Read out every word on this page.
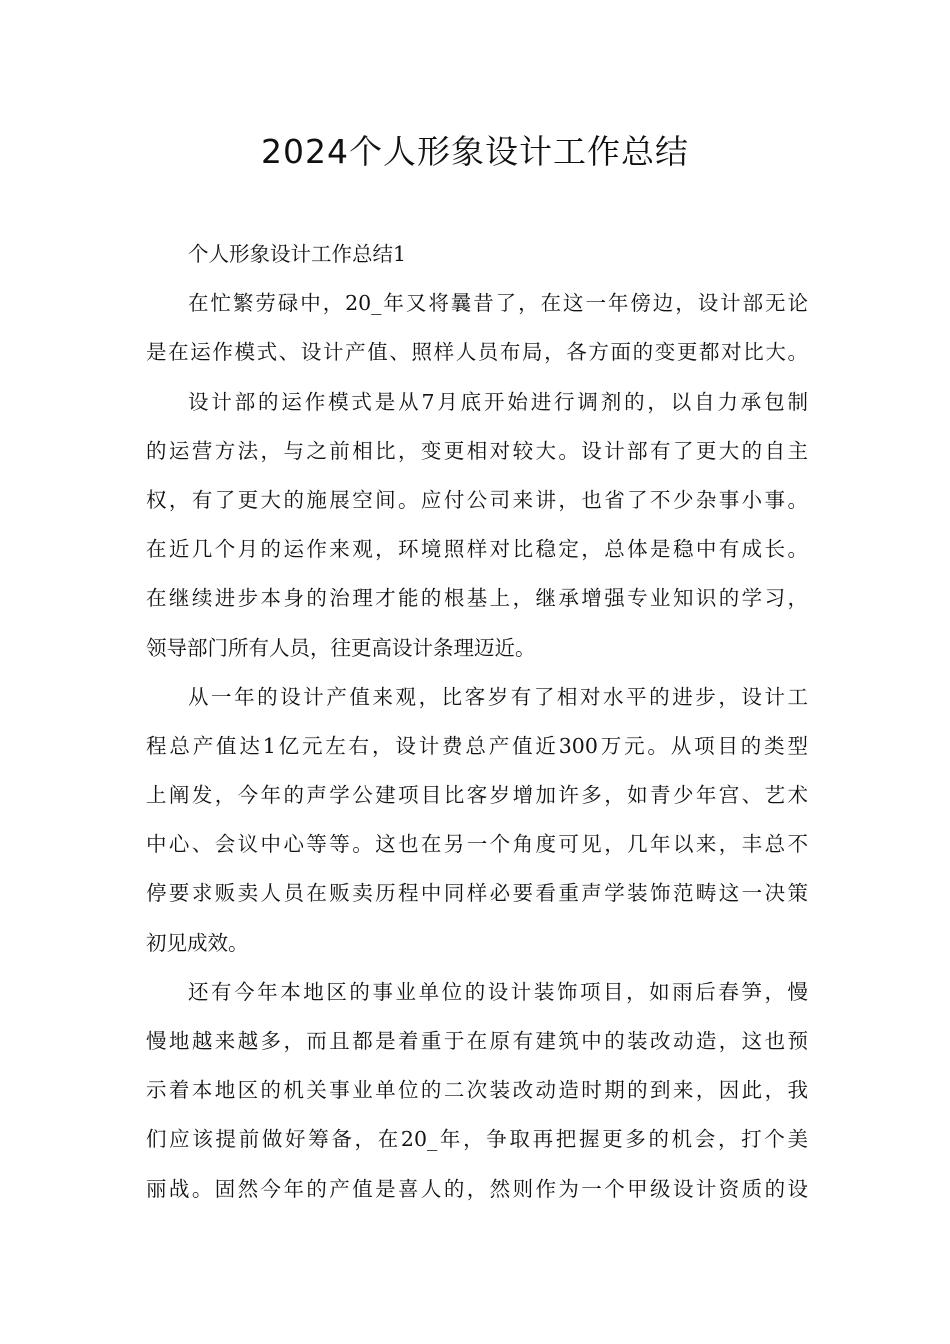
2024个人形象设计工作总结
个人形象设计工作总结1
在忙繁劳碌中，20_年又将曩昔了，在这一年傍边，设计部无论
是在运作模式、设计产值、照样人员布局，各方面的变更都对比大。
设计部的运作模式是从7月底开始进行调剂的，以自力承包制
的运营方法，与之前相比，变更相对较大。设计部有了更大的自主
权，有了更大的施展空间。应付公司来讲，也省了不少杂事小事。
在近几个月的运作来观，环境照样对比稳定，总体是稳中有成长。
在继续进步本身的治理才能的根基上，继承增强专业知识的学习，
领导部门所有人员，往更高设计条理迈近。
从一年的设计产值来观，比客岁有了相对水平的进步，设计工
程总产值达1亿元左右，设计费总产值近300万元。从项目的类型
上阐发，今年的声学公建项目比客岁增加许多，如青少年宫、艺术
中心、会议中心等等。这也在另一个角度可见，几年以来，丰总不
停要求贩卖人员在贩卖历程中同样必要看重声学装饰范畴这一决策
初见成效。
还有今年本地区的事业单位的设计装饰项目，如雨后春笋，慢
慢地越来越多，而且都是着重于在原有建筑中的装改动造，这也预
示着本地区的机关事业单位的二次装改动造时期的到来，因此，我
们应该提前做好筹备，在20_年，争取再把握更多的机会，打个美
丽战。固然今年的产值是喜人的，然则作为一个甲级设计资质的设
